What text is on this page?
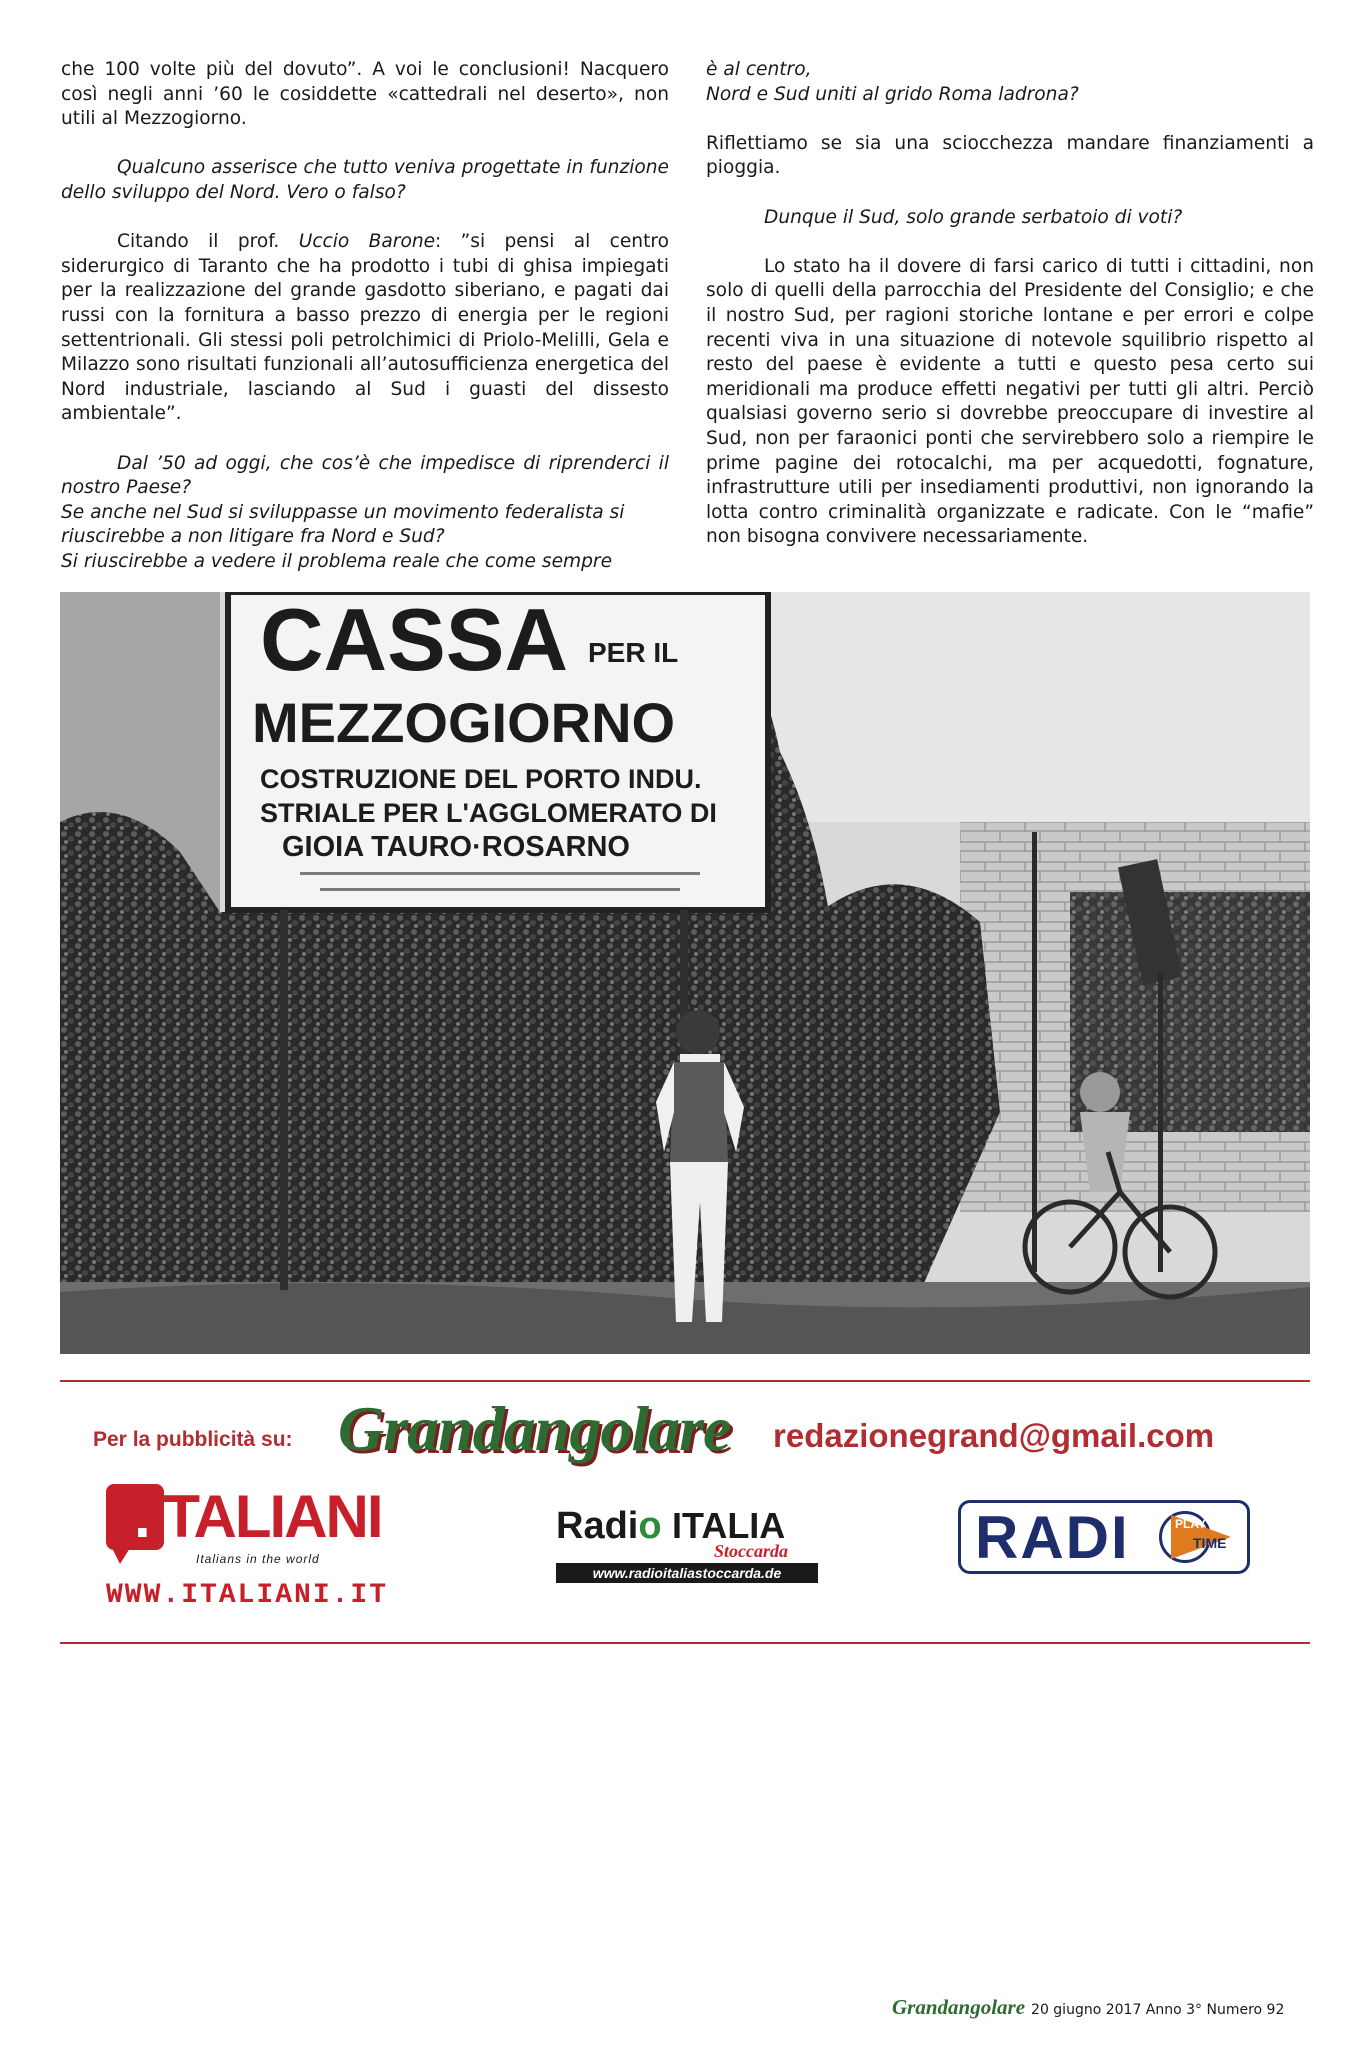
che 100 volte più del dovuto”. A voi le conclusioni! Nacquero così negli anni ’60 le cosiddette «cattedrali nel deserto», non utili al Mezzogiorno.

Qualcuno asserisce che tutto veniva progettate in funzione dello sviluppo del Nord. Vero o falso?

Citando il prof. Uccio Barone: ”si pensi al centro siderurgico di Taranto che ha prodotto i tubi di ghisa impiegati per la realizzazione del grande gasdotto siberiano, e pagati dai russi con la fornitura a basso prezzo di energia per le regioni settentrionali. Gli stessi poli petrolchimici di Priolo-Melilli, Gela e Milazzo sono risultati funzionali all’autosufficienza energetica del Nord industriale, lasciando al Sud i guasti del dissesto ambientale”.

Dal ’50 ad oggi, che cos’è che impedisce di riprenderci il nostro Paese?

Se anche nel Sud si sviluppasse un movimento federalista si riuscirebbe a non litigare fra Nord e Sud?

Si riuscirebbe a vedere il problema reale che come sempre

è al centro,

Nord e Sud uniti al grido Roma ladrona?

Riflettiamo se sia una sciocchezza mandare finanziamenti a pioggia.

Dunque il Sud, solo grande serbatoio di voti?

Lo stato ha il dovere di farsi carico di tutti i cittadini, non solo di quelli della parrocchia del Presidente del Consiglio; e che il nostro Sud, per ragioni storiche lontane e per errori e colpe recenti viva in una situazione di notevole squilibrio rispetto al resto del paese è evidente a tutti e questo pesa certo sui meridionali ma produce effetti negativi per tutti gli altri. Perciò qualsiasi governo serio si dovrebbe preoccupare di investire al Sud, non per faraonici ponti che servirebbero solo a riempire le prime pagine dei rotocalchi, ma per acquedotti, fognature, infrastrutture utili per insediamenti produttivi, non ignorando la lotta contro criminalità organizzate e radicate. Con le “mafie” non bisogna convivere necessariamente.

CASSA PER IL
MEZZOGIORNO
COSTRUZIONE DEL PORTO INDU.
STRIALE PER L'AGGLOMERATO DI
GIOIA TAURO·ROSARNO
Per la pubblicità su: Grandangolare redazionegrand@gmail.com
.ITALIANI
Italians in the world
WWW.ITALIANI.IT
Radio ITALIA
Stoccarda
www.radioitaliastoccarda.de
RADI	PLAY
TIME
Grandangolare 20 giugno 2017 Anno 3° Numero 92
